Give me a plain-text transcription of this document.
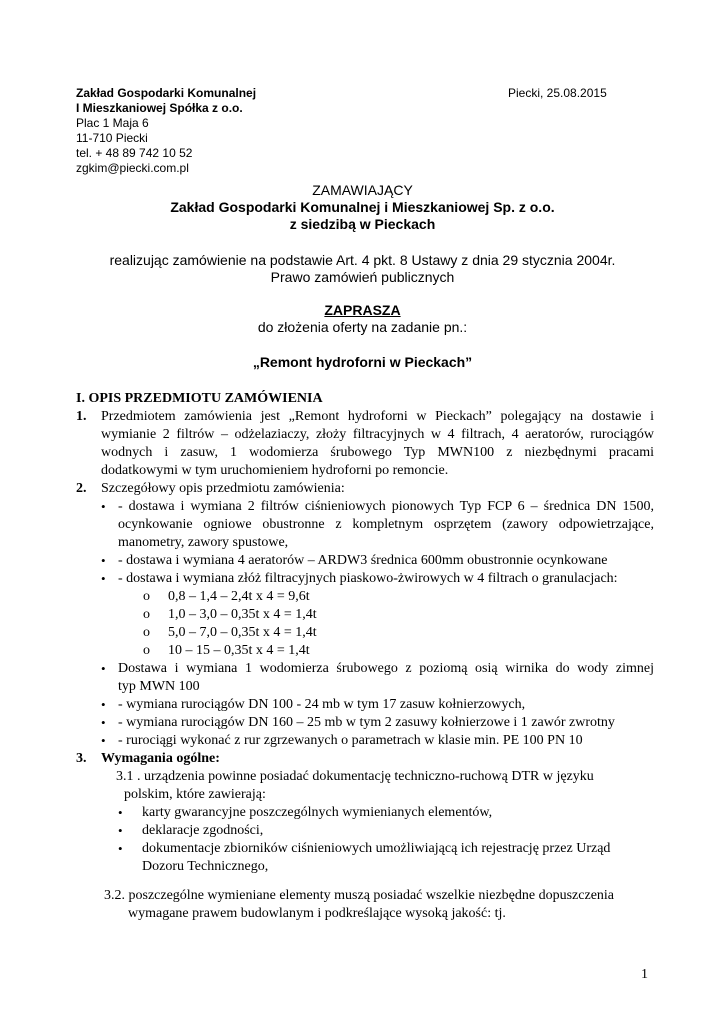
Zakład Gospodarki Komunalnej
I Mieszkaniowej Spółka z o.o.
Plac 1 Maja 6
11-710 Piecki
tel. + 48 89 742 10 52
zgkim@piecki.com.pl
Piecki, 25.08.2015
ZAMAWIAJĄCY
Zakład Gospodarki Komunalnej i Mieszkaniowej Sp. z o.o.
z siedzibą w Pieckach
realizując zamówienie na podstawie Art. 4 pkt. 8 Ustawy z dnia 29 stycznia 2004r.
Prawo zamówień publicznych
ZAPRASZA
do złożenia oferty na zadanie pn.:
„Remont hydroforni w Pieckach”
I. OPIS PRZEDMIOTU ZAMÓWIENIA
1. Przedmiotem zamówienia jest „Remont hydroforni w Pieckach” polegający na dostawie i
wymianie 2 filtrów – odżelaziaczy, złoży filtracyjnych w 4 filtrach, 4 aeratorów, rurociągów
wodnych i zasuw, 1 wodomierza śrubowego Typ MWN100 z niezbędnymi pracami
dodatkowymi w tym uruchomieniem hydroforni po remoncie.
2. Szczegółowy opis przedmiotu zamówienia:
• - dostawa i wymiana 2 filtrów ciśnieniowych pionowych Typ FCP 6 – średnica DN 1500,
ocynkowanie ogniowe obustronne z kompletnym osprzętem (zawory odpowietrzające,
manometry, zawory spustowe,
• - dostawa i wymiana 4 aeratorów – ARDW3 średnica 600mm obustronnie ocynkowane
• - dostawa i wymiana złóż filtracyjnych piaskowo-żwirowych w 4 filtrach o granulacjach:
o 0,8 – 1,4 – 2,4t x 4 = 9,6t
o 1,0 – 3,0 – 0,35t x 4 = 1,4t
o 5,0 – 7,0 – 0,35t x 4 = 1,4t
o 10 – 15 – 0,35t x 4 = 1,4t
• Dostawa i wymiana 1 wodomierza śrubowego z poziomą osią wirnika do wody zimnej
typ MWN 100
• - wymiana rurociągów DN 100 - 24 mb w tym 17 zasuw kołnierzowych,
• - wymiana rurociągów DN 160 – 25 mb w tym 2 zasuwy kołnierzowe i 1 zawór zwrotny
• - rurociągi wykonać z rur zgrzewanych o parametrach w klasie min. PE 100 PN 10
3. Wymagania ogólne:
3.1 . urządzenia powinne posiadać dokumentację techniczno-ruchową DTR w języku
polskim, które zawierają:
• karty gwarancyjne poszczególnych wymienianych elementów,
• deklaracje zgodności,
• dokumentacje zbiorników ciśnieniowych umożliwiającą ich rejestrację przez Urząd
Dozoru Technicznego,
3.2. poszczególne wymieniane elementy muszą posiadać wszelkie niezbędne dopuszczenia
wymagane prawem budowlanym i podkreślające wysoką jakość: tj.
1
